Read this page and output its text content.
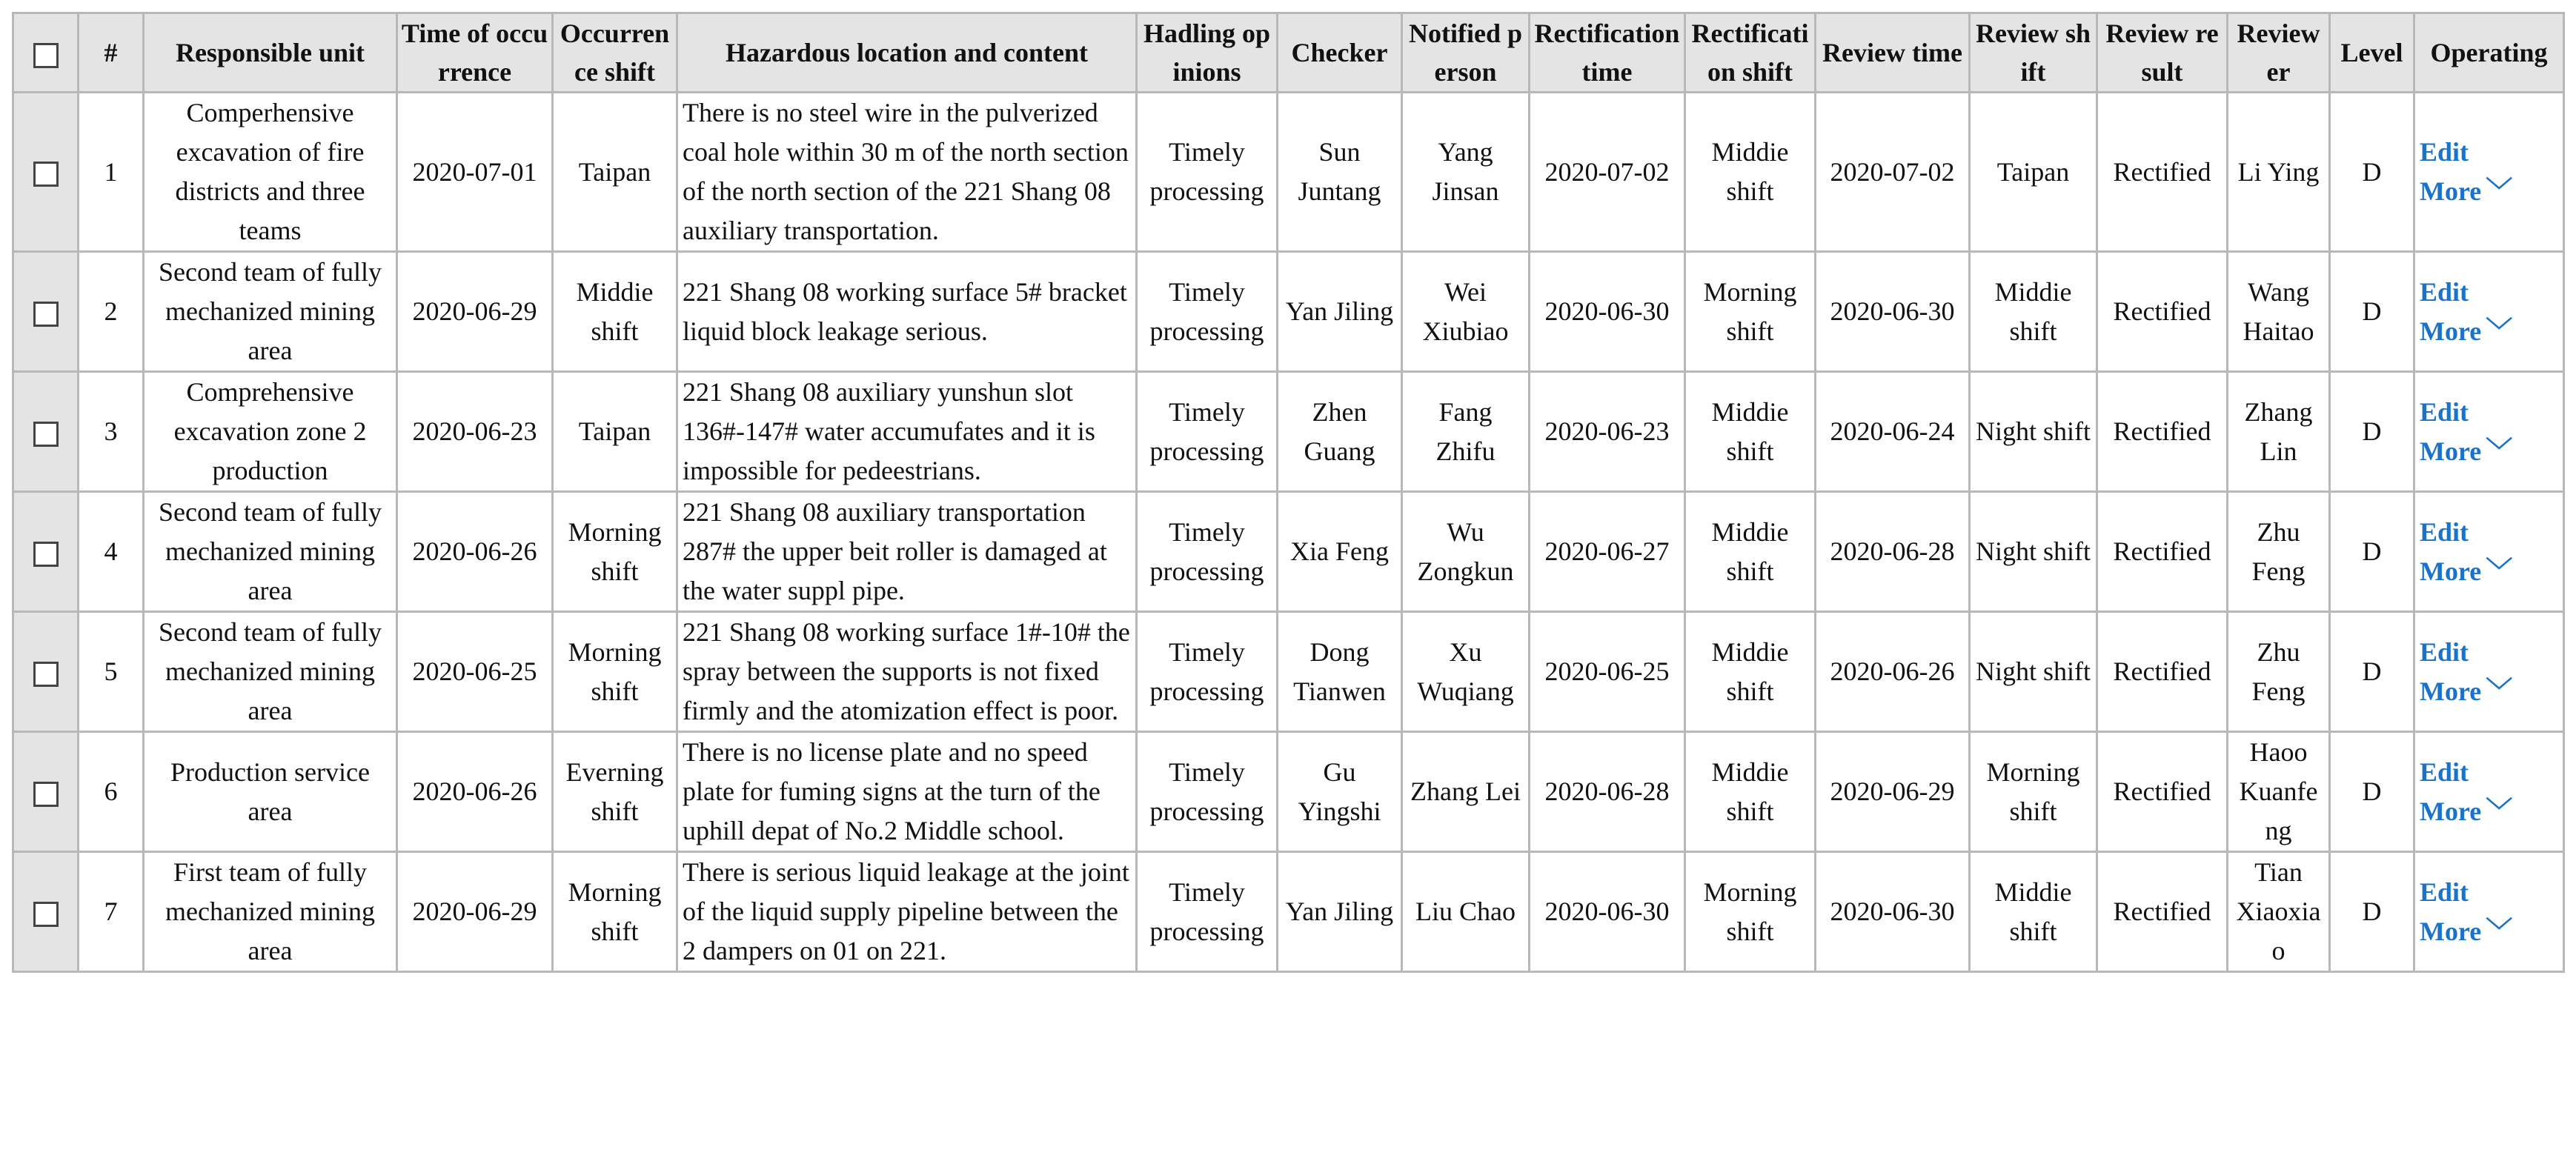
	#	Responsible unit	Time of occurrence	Occurrence shift	Hazardous location and content	Hadling opinions	Checker	Notified person	Rectification time	Rectification shift	Review time	Review shift	Review result	Reviewer	Level	Operating
	1	Comperhensive excavation of fire districts and three teams	2020-07-01	Taipan	There is no steel wire in the pulverized coal hole within 30 m of the north section of the north section of the 221 Shang 08 auxiliary transportation.	Timely processing	Sun Juntang	Yang Jinsan	2020-07-02	Middie shift	2020-07-02	Taipan	Rectified	Li Ying	D	Edit
More ﹀

	2	Second team of fully mechanized mining area	2020-06-29	Middie shift	221 Shang 08 working surface 5# bracket liquid block leakage serious.	Timely processing	Yan Jiling	Wei Xiubiao	2020-06-30	Morning shift	2020-06-30	Middie shift	Rectified	Wang Haitao	D	Edit
More ﹀

	3	Comprehensive excavation zone 2 production	2020-06-23	Taipan	221 Shang 08 auxiliary yunshun slot 136#-147# water accumufates and it is impossible for pedeestrians.	Timely processing	Zhen Guang	Fang Zhifu	2020-06-23	Middie shift	2020-06-24	Night shift	Rectified	Zhang Lin	D	Edit
More ﹀

	4	Second team of fully mechanized mining area	2020-06-26	Morning shift	221 Shang 08 auxiliary transportation 287# the upper beit roller is damaged at the water suppl pipe.	Timely processing	Xia Feng	Wu Zongkun	2020-06-27	Middie shift	2020-06-28	Night shift	Rectified	Zhu Feng	D	Edit
More ﹀

	5	Second team of fully mechanized mining area	2020-06-25	Morning shift	221 Shang 08 working surface 1#-10# the spray between the supports is not fixed firmly and the atomization effect is poor.	Timely processing	Dong Tianwen	Xu Wuqiang	2020-06-25	Middie shift	2020-06-26	Night shift	Rectified	Zhu Feng	D	Edit
More ﹀

	6	Production service area	2020-06-26	Everning shift	There is no license plate and no speed plate for fuming signs at the turn of the uphill depat of No.2 Middle school.	Timely processing	Gu Yingshi	Zhang Lei	2020-06-28	Middie shift	2020-06-29	Morning shift	Rectified	Haoo Kuanfeng	D	Edit
More ﹀

	7	First team of fully mechanized mining area	2020-06-29	Morning shift	There is serious liquid leakage at the joint of the liquid supply pipeline between the 2 dampers on 01 on 221.	Timely processing	Yan Jiling	Liu Chao	2020-06-30	Morning shift	2020-06-30	Middie shift	Rectified	Tian Xiaoxiao	D	Edit
More ﹀
